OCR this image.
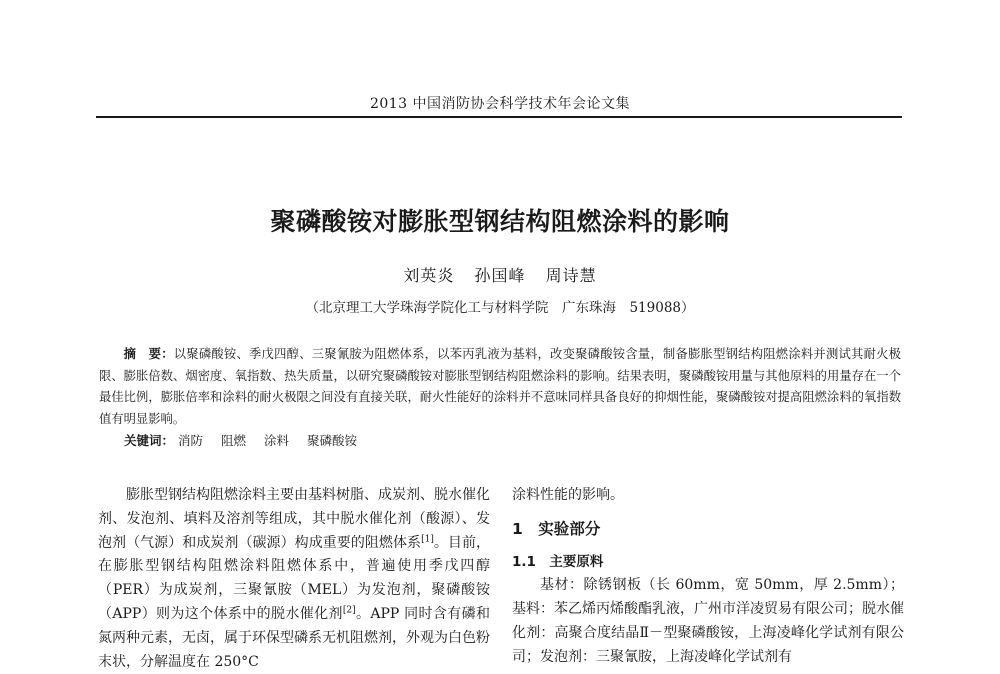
2013 中国消防协会科学技术年会论文集
聚磷酸铵对膨胀型钢结构阻燃涂料的影响
刘英炎 孙国峰 周诗慧
（北京理工大学珠海学院化工与材料学院　广东珠海　519088）
摘　要：以聚磷酸铵、季戊四醇、三聚氰胺为阻燃体系，以苯丙乳液为基料，改变聚磷酸铵含量，制备膨胀型钢结构阻燃涂料并测试其耐火极限、膨胀倍数、烟密度、氧指数、热失质量，以研究聚磷酸铵对膨胀型钢结构阻燃涂料的影响。结果表明，聚磷酸铵用量与其他原料的用量存在一个最佳比例，膨胀倍率和涂料的耐火极限之间没有直接关联，耐火性能好的涂料并不意味同样具备良好的抑烟性能，聚磷酸铵对提高阻燃涂料的氧指数值有明显影响。
关键词： 消防 阻燃 涂料 聚磷酸铵

膨胀型钢结构阻燃涂料主要由基料树脂、成炭剂、脱水催化剂、发泡剂、填料及溶剂等组成，其中脱水催化剂（酸源）、发泡剂（气源）和成炭剂（碳源）构成重要的阻燃体系[1]。目前，在膨胀型钢结构阻燃涂料阻燃体系中，普遍使用季戊四醇（PER）为成炭剂，三聚氰胺（MEL）为发泡剂，聚磷酸铵（APP）则为这个体系中的脱水催化剂[2]。APP 同时含有磷和氮两种元素，无卤，属于环保型磷系无机阻燃剂，外观为白色粉末状，分解温度在 250°C

涂料性能的影响。

1　实验部分
1.1　主要原料

基材：除锈钢板（长 60mm，宽 50mm，厚 2.5mm）；基料：苯乙烯丙烯酸酯乳液，广州市洋凌贸易有限公司；脱水催化剂：高聚合度结晶Ⅱ－型聚磷酸铵，上海凌峰化学试剂有限公司；发泡剂：三聚氰胺，上海凌峰化学试剂有
